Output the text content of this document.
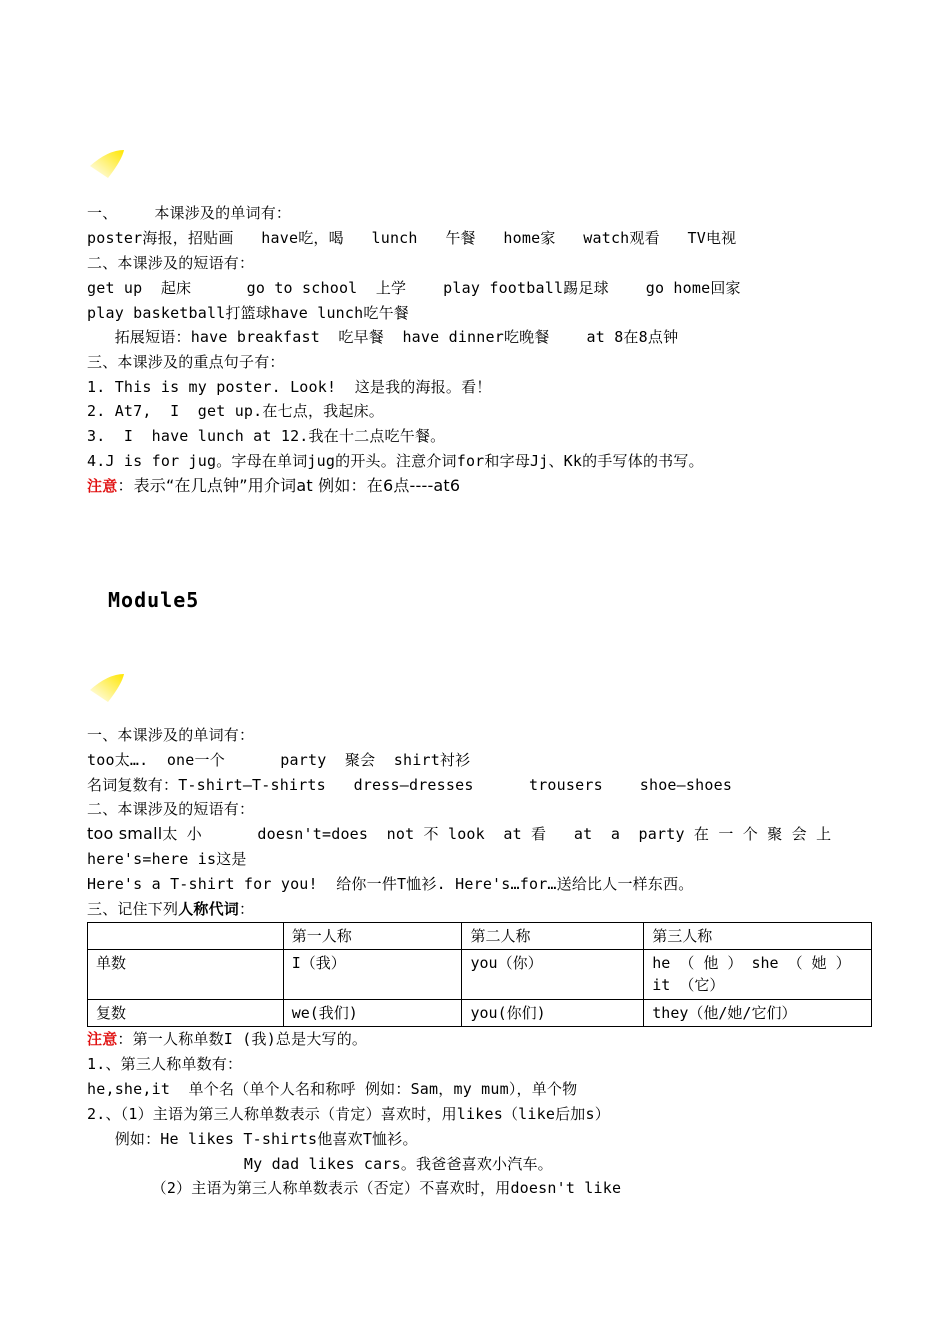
一、    本课涉及的单词有：
poster海报，招贴画   have吃，喝   lunch   午餐   home家   watch观看   TV电视
二、本课涉及的短语有：
get up  起床      go to school  上学    play football踢足球    go home回家
play basketball打篮球have lunch吃午餐
拓展短语：have breakfast  吃早餐  have dinner吃晚餐    at 8在8点钟
三、本课涉及的重点句子有：
1. This is my poster. Look!  这是我的海报。看！
2. At7,  I  get up.在七点，我起床。
3.  I  have lunch at 12.我在十二点吃午餐。
4.J is for jug。字母在单词jug的开头。注意介词for和字母Jj、Kk的手写体的书写。
注意：表示“在几点钟”用介词at 例如：在6点----at6
Module5
一、本课涉及的单词有：
too太….  one一个      party  聚会  shirt衬衫
名词复数有：T-shirt—T-shirts   dress—dresses      trousers    shoe—shoes
二、本课涉及的短语有：
too small太 小      doesn't=does  not 不 look  at 看   at  a  party 在 一 个 聚 会 上
here's=here is这是
Here's a T-shirt for you!  给你一件T恤衫. Here's…for…送给比人一样东西。
三、记住下列人称代词：
	第一人称	第二人称	第三人称
单数	I（我）	you（你）	he （ 他 ） she （ 她 ） it （它）
复数	we(我们)	you(你们)	they（他/她/它们）
注意：第一人称单数I (我)总是大写的。
1.、第三人称单数有：
he,she,it  单个名（单个人名和称呼 例如：Sam，my mum），单个物
2.、（1）主语为第三人称单数表示（肯定）喜欢时，用likes（like后加s）
例如：He likes T-shirts他喜欢T恤衫。
My dad likes cars。我爸爸喜欢小汽车。
（2）主语为第三人称单数表示（否定）不喜欢时，用doesn't like
